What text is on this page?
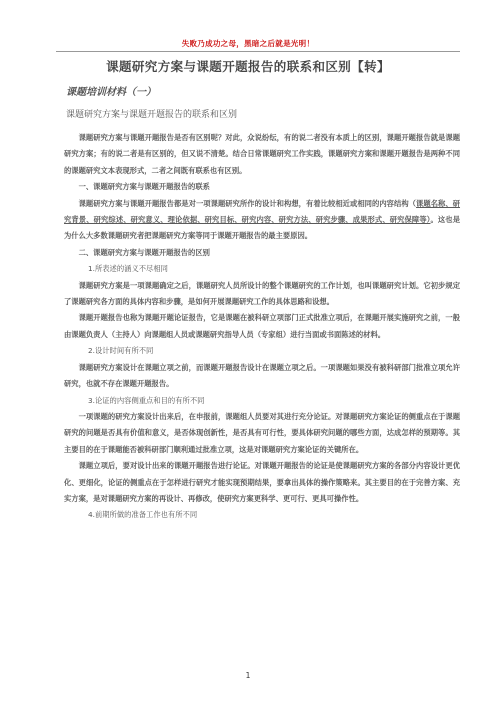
失败乃成功之母，黑暗之后就是光明！
课题研究方案与课题开题报告的联系和区别【转】
课题培训材料（一）
课题研究方案与课题开题报告的联系和区别

课题研究方案与课题开题报告是否有区别呢？对此，众说纷纭，有的说二者没有本质上的区别，课题开题报告就是课题研究方案；有的说二者是有区别的，但又说不清楚。结合日常课题研究工作实践，课题研究方案和课题开题报告是两种不同的课题研究文本表现形式，二者之间既有联系也有区别。

一、课题研究方案与课题开题报告的联系

课题研究方案与课题开题报告都是对一项课题研究所作的设计和构想，有着比较相近或相同的内容结构（课题名称、研究背景、研究综述、研究意义、理论依据、研究目标、研究内容、研究方法、研究步骤、成果形式、研究保障等）。这也是为什么大多数课题研究者把课题研究方案等同于课题开题报告的最主要原因。

二、课题研究方案与课题开题报告的区别

1.所表述的涵义不尽相同

课题研究方案是一项课题确定之后，课题研究人员所设计的整个课题研究的工作计划，也叫课题研究计划。它初步规定了课题研究各方面的具体内容和步骤，是如何开展课题研究工作的具体思路和设想。

课题开题报告也称为课题开题论证报告，它是课题在被科研立项部门正式批准立项后，在课题开展实施研究之前，一般由课题负责人（主持人）向课题组人员或课题研究指导人员（专家组）进行当面或书面陈述的材料。

2.设计时间有所不同

课题研究方案设计在课题立项之前，而课题开题报告设计在课题立项之后。一项课题如果没有被科研部门批准立项允许研究，也就不存在课题开题报告。

3.论证的内容侧重点和目的有所不同

一项课题的研究方案设计出来后，在申报前，课题组人员要对其进行充分论证。对课题研究方案论证的侧重点在于课题研究的问题是否具有价值和意义，是否体现创新性，是否具有可行性，要具体研究问题的哪些方面，达成怎样的预期等。其主要目的在于课题能否被科研部门顺利通过批准立项，这是对课题研究方案论证的关键所在。

课题立项后，要对设计出来的课题开题报告进行论证。对课题开题报告的论证是使课题研究方案的各部分内容设计更优化、更细化，论证的侧重点在于怎样进行研究才能实现预期结果，要拿出具体的操作策略来。其主要目的在于完善方案、充实方案，是对课题研究方案的再设计、再修改，使研究方案更科学、更可行、更具可操作性。

4.前期所做的准备工作也有所不同

1
